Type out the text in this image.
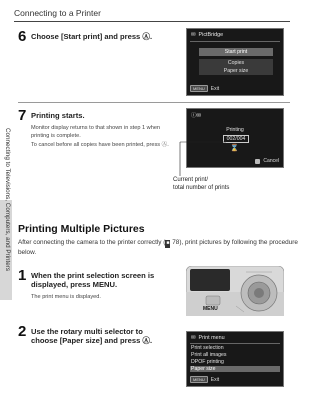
Connecting to a Printer
Connecting to Televisions, Computers, and Printers
6 Choose [Start print] and press Ⓐ.	✉ PictBridge
Start print
Copies
Paper size
MENU	Exit
7 Printing starts.
Monitor display returns to that shown in step 1 when printing is complete.
To cancel before all copies have been printed, press Ⓐ.
ⓘ✉
Printing
002/004
⌛
Cancel
Current print/
total number of prints
Printing Multiple Pictures
After connecting the camera to the printer correctly (■ 78), print pictures by following the procedure below.
1 When the print selection screen is displayed, press MENU.
The print menu is displayed.
MENU
2 Use the rotary multi selector to choose [Paper size] and press Ⓐ.	✉ Print menu
Print selection
Print all images
DPOF printing
Paper size
MENU	Exit
